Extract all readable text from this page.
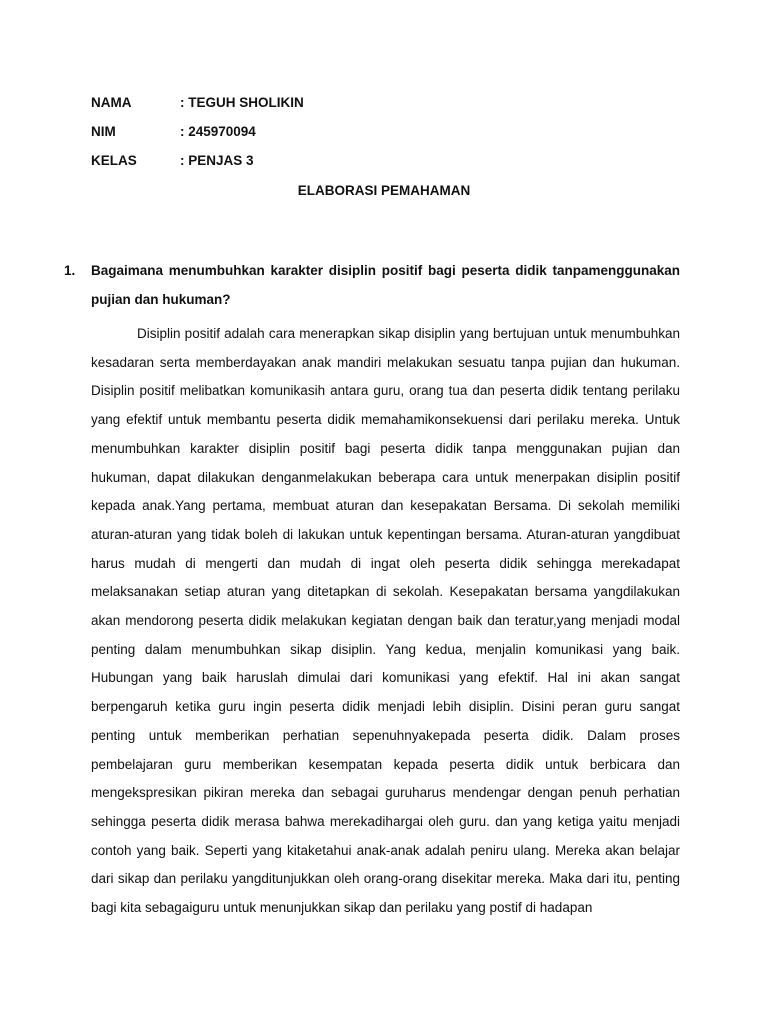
NAMA	: TEGUH SHOLIKIN
NIM	: 245970094
KELAS	: PENJAS 3
ELABORASI PEMAHAMAN
1. Bagaimana menumbuhkan karakter disiplin positif bagi peserta didik tanpamenggunakan pujian dan hukuman?
Disiplin positif adalah cara menerapkan sikap disiplin yang bertujuan untuk menumbuhkan kesadaran serta memberdayakan anak mandiri melakukan sesuatu tanpa pujian dan hukuman. Disiplin positif melibatkan komunikasih antara guru, orang tua dan peserta didik tentang perilaku yang efektif untuk membantu peserta didik memahamikonsekuensi dari perilaku mereka. Untuk menumbuhkan karakter disiplin positif bagi peserta didik tanpa menggunakan pujian dan hukuman, dapat dilakukan denganmelakukan beberapa cara untuk menerpakan disiplin positif kepada anak.Yang pertama, membuat aturan dan kesepakatan Bersama. Di sekolah memiliki aturan-aturan yang tidak boleh di lakukan untuk kepentingan bersama. Aturan-aturan yangdibuat harus mudah di mengerti dan mudah di ingat oleh peserta didik sehingga merekadapat melaksanakan setiap aturan yang ditetapkan di sekolah. Kesepakatan bersama yangdilakukan akan mendorong peserta didik melakukan kegiatan dengan baik dan teratur,yang menjadi modal penting dalam menumbuhkan sikap disiplin. Yang kedua, menjalin komunikasi yang baik. Hubungan yang baik haruslah dimulai dari komunikasi yang efektif. Hal ini akan sangat berpengaruh ketika guru ingin peserta didik menjadi lebih disiplin. Disini peran guru sangat penting untuk memberikan perhatian sepenuhnyakepada peserta didik. Dalam proses pembelajaran guru memberikan kesempatan kepada peserta didik untuk berbicara dan mengekspresikan pikiran mereka dan sebagai guruharus mendengar dengan penuh perhatian sehingga peserta didik merasa bahwa merekadihargai oleh guru. dan yang ketiga yaitu menjadi contoh yang baik. Seperti yang kitaketahui anak-anak adalah peniru ulang. Mereka akan belajar dari sikap dan perilaku yangditunjukkan oleh orang-orang disekitar mereka. Maka dari itu, penting bagi kita sebagaiguru untuk menunjukkan sikap dan perilaku yang postif di hadapan
